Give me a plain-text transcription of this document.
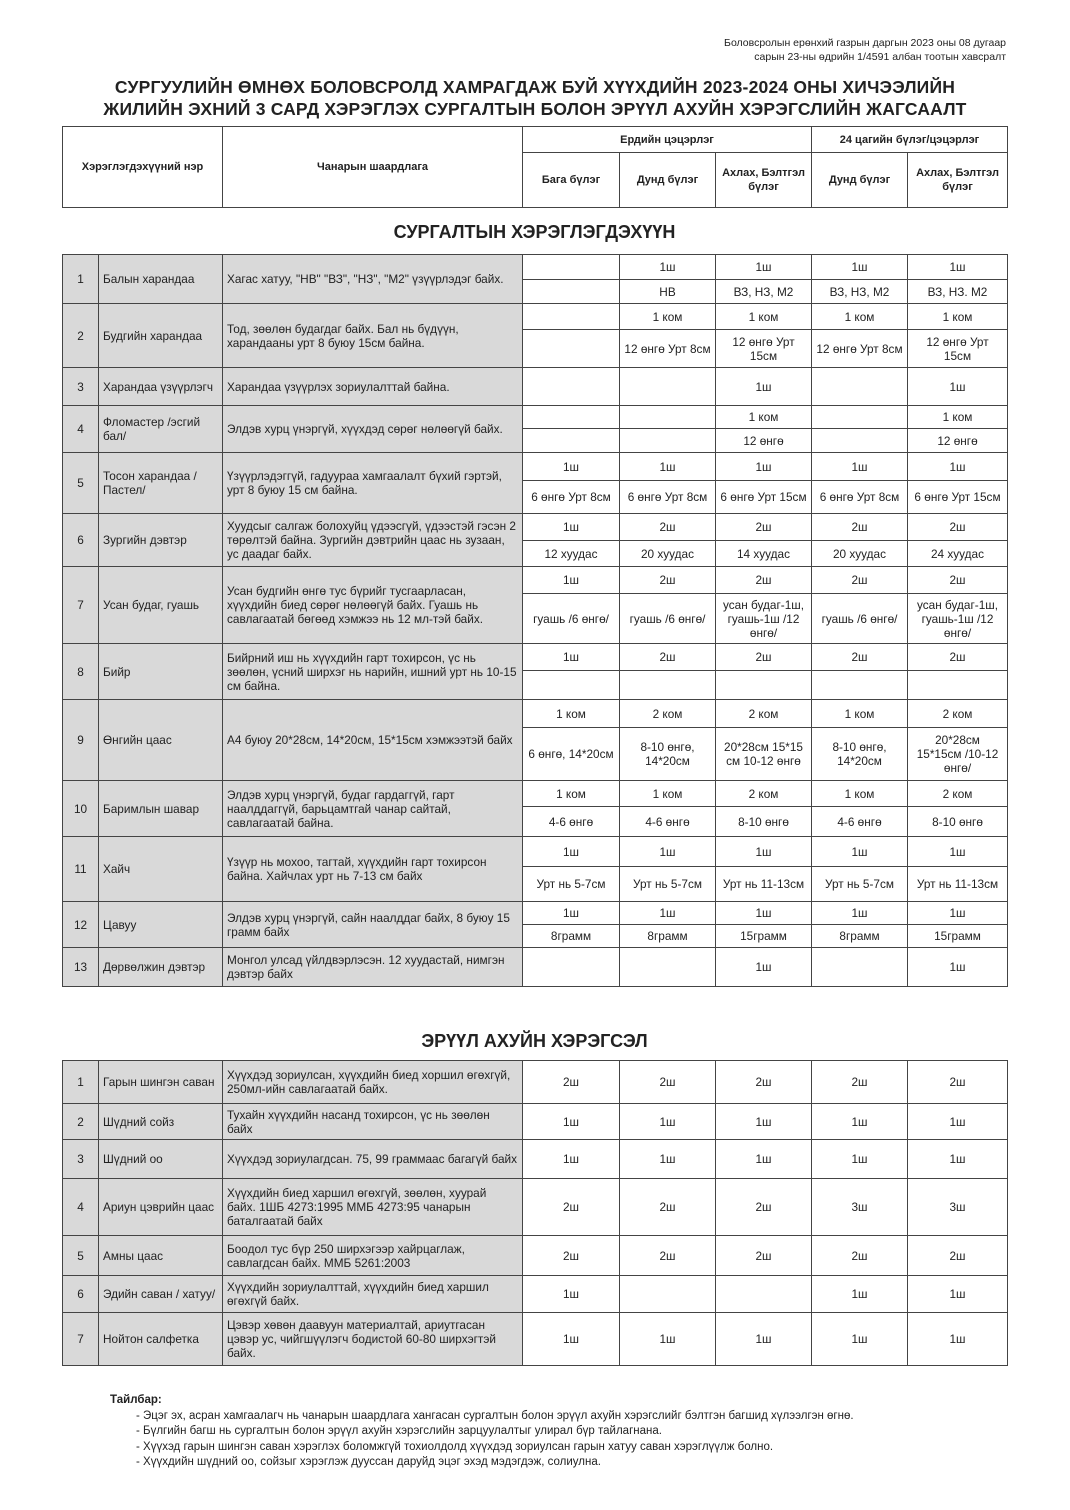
Боловсролын ерөнхий газрын даргын 2023 оны 08 дугаар
сарын 23-ны өдрийн 1/4591 албан тоотын хавсралт
СУРГУУЛИЙН ӨМНӨХ БОЛОВСРОЛД ХАМРАГДАЖ БУЙ ХҮҮХДИЙН 2023-2024 ОНЫ ХИЧЭЭЛИЙН
ЖИЛИЙН ЭХНИЙ 3 САРД ХЭРЭГЛЭХ СУРГАЛТЫН БОЛОН ЭРҮҮЛ АХУЙН ХЭРЭГСЛИЙН ЖАГСААЛТ
Хэрэглэгдэхүүний нэр	Чанарын шаардлага	Ердийн цэцэрлэг			24 цагийн бүлэг/цэцэрлэг	
		Бага бүлэг	Дунд бүлэг	Ахлах, Бэлтгэл бүлэг	Дунд бүлэг	Ахлах, Бэлтгэл бүлэг
СУРГАЛТЫН ХЭРЭГЛЭГДЭХҮҮН
1	Балын харандаа	Хагас хатуу, "НВ" "ВЗ", "НЗ", "М2" үзүүрлэдэг байх.		1ш	1ш	1ш	1ш
				НВ	ВЗ, НЗ, М2	ВЗ, НЗ, М2	ВЗ, НЗ. М2
2	Будгийн харандаа	Тод, зөөлөн будагдаг байх. Бал нь бүдүүн, харандааны урт 8 буюу 15см байна.		1 ком	1 ком	1 ком	1 ком
				12 өнгө Урт 8см	12 өнгө Урт 15см	12 өнгө Урт 8см	12 өнгө Урт 15см
3	Харандаа үзүүрлэгч	Харандаа үзүүрлэх зориулалттай байна.			1ш		1ш
4	Фломастер /эсгий бал/	Элдэв хурц үнэргүй, хүүхдэд сөрөг нөлөөгүй байх.			1 ком		1 ком
					12 өнгө		12 өнгө
5	Тосон харандаа / Пастел/	Үзүүрлэдэггүй, гадуураа хамгаалалт бүхий гэртэй, урт 8 буюу 15 см байна.	1ш	1ш	1ш	1ш	1ш
			6 өнгө Урт 8см	6 өнгө Урт 8см	6 өнгө Урт 15см	6 өнгө Урт 8см	6 өнгө Урт 15см
6	Зургийн дэвтэр	Хуудсыг салгаж болохуйц үдээсгүй, үдээстэй гэсэн 2 төрөлтэй байна. Зургийн дэвтрийн цаас нь зузаан, ус даадаг байх.	1ш	2ш	2ш	2ш	2ш
			12 хуудас	20 хуудас	14 хуудас	20 хуудас	24 хуудас
7	Усан будаг, гуашь	Усан будгийн өнгө тус бүрийг тусгаарласан, хүүхдийн биед сөрөг нөлөөгүй байх. Гуашь нь савлагаатай бөгөөд хэмжээ нь 12 мл-тэй байх.	1ш	2ш	2ш	2ш	2ш
			гуашь /6 өнгө/	гуашь /6 өнгө/	усан будаг-1ш, гуашь-1ш /12 өнгө/	гуашь /6 өнгө/	усан будаг-1ш, гуашь-1ш /12 өнгө/
8	Бийр	Бийрний иш нь хүүхдийн гарт тохирсон, үс нь зөөлөн, үсний ширхэг нь нарийн, ишний урт нь 10-15 см байна.	1ш	2ш	2ш	2ш	2ш

9	Өнгийн цаас	А4 буюу 20*28см, 14*20см, 15*15см хэмжээтэй байх	1 ком	2 ком	2 ком	1 ком	2 ком
			6 өнгө, 14*20см	8-10 өнгө, 14*20см	20*28см 15*15 см 10-12 өнгө	8-10 өнгө, 14*20см	20*28см 15*15см /10-12 өнгө/
10	Баримлын шавар	Элдэв хурц үнэргүй, будаг гардаггүй, гарт наалддаггүй, барьцамтгай чанар сайтай, савлагаатай байна.	1 ком	1 ком	2 ком	1 ком	2 ком
			4-6 өнгө	4-6 өнгө	8-10 өнгө	4-6 өнгө	8-10 өнгө
11	Хайч	Үзүүр нь мохоо, тагтай, хүүхдийн гарт тохирсон байна. Хайчлах урт нь 7-13 см байх	1ш	1ш	1ш	1ш	1ш
			Урт нь 5-7см	Урт нь 5-7см	Урт нь 11-13см	Урт нь 5-7см	Урт нь 11-13см
12	Цавуу	Элдэв хурц үнэргүй, сайн наалддаг байх, 8 буюу 15 грамм байх	1ш	1ш	1ш	1ш	1ш
			8грамм	8грамм	15грамм	8грамм	15грамм
13	Дөрвөлжин дэвтэр	Монгол улсад үйлдвэрлэсэн. 12 хуудастай, нимгэн дэвтэр байх			1ш		1ш
ЭРҮҮЛ АХУЙН ХЭРЭГСЭЛ
1	Гарын шингэн саван	Хүүхдэд зориулсан, хүүхдийн биед хоршил өгөхгүй, 250мл-ийн савлагаатай байх.	2ш	2ш	2ш	2ш	2ш
2	Шүдний сойз	Тухайн хүүхдийн насанд тохирсон, үс нь зөөлөн байх	1ш	1ш	1ш	1ш	1ш
3	Шүдний оо	Хүүхдэд зориулагдсан. 75, 99 граммаас багагүй байх	1ш	1ш	1ш	1ш	1ш
4	Ариун цэврийн цаас	Хүүхдийн биед харшил өгөхгүй, зөөлөн, хуурай байх. 1ШБ 4273:1995 ММБ 4273:95 чанарын баталгаатай байх	2ш	2ш	2ш	3ш	3ш
5	Амны цаас	Боодол тус бүр 250 ширхэгээр хайрцаглаж, савлагдсан байх. ММБ 5261:2003	2ш	2ш	2ш	2ш	2ш
6	Эдийн саван / хатуу/	Хүүхдийн зориулалттай, хүүхдийн биед харшил өгөхгүй байх.	1ш			1ш	1ш
7	Нойтон салфетка	Цэвэр хөвөн даавуун материалтай, ариутгасан цэвэр ус, чийгшүүлэгч бодистой 60-80 ширхэгтэй байх.	1ш	1ш	1ш	1ш	1ш
Тайлбар:
- Эцэг эх, асран хамгаалагч нь чанарын шаардлага хангасан сургалтын болон эрүүл ахуйн хэрэгслийг бэлтгэн багшид хүлээлгэн өгнө.
- Бүлгийн багш нь сургалтын болон эрүүл ахуйн хэрэгслийн зарцуулалтыг улирал бүр тайлагнана.
- Хүүхэд гарын шингэн саван хэрэглэх боломжгүй тохиолдолд хүүхдэд зориулсан гарын хатуу саван хэрэглүүлж болно.
- Хүүхдийн шүдний оо, сойзыг хэрэглэж дууссан даруйд эцэг эхэд мэдэгдэж, солиулна.
